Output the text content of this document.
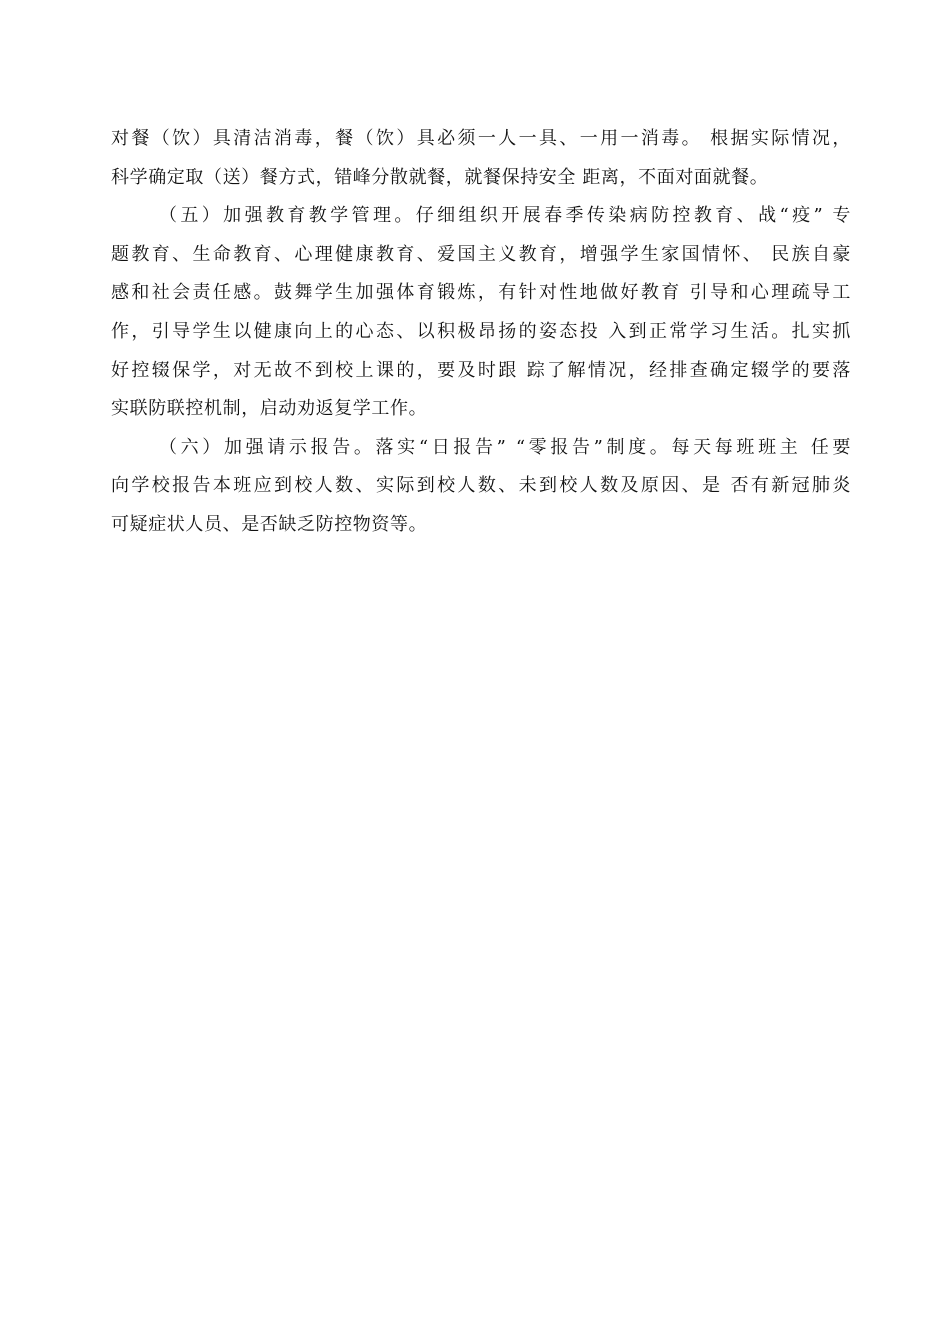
对餐（饮）具清洁消毒，餐（饮）具必须一人一具、一用一消毒。 根据实际情况，
科学确定取（送）餐方式，错峰分散就餐，就餐保持安全 距离，不面对面就餐。
（五）加强教育教学管理。仔细组织开展春季传染病防控教育、战“疫” 专
题教育、生命教育、心理健康教育、爱国主义教育，增强学生家国情怀、 民族自豪
感和社会责任感。鼓舞学生加强体育锻炼，有针对性地做好教育 引导和心理疏导工
作，引导学生以健康向上的心态、以积极昂扬的姿态投 入到正常学习生活。扎实抓
好控辍保学，对无故不到校上课的，要及时跟 踪了解情况，经排查确定辍学的要落
实联防联控机制，启动劝返复学工作。
（六）加强请示报告。落实“日报告” “零报告”制度。每天每班班主 任要
向学校报告本班应到校人数、实际到校人数、未到校人数及原因、是 否有新冠肺炎
可疑症状人员、是否缺乏防控物资等。
